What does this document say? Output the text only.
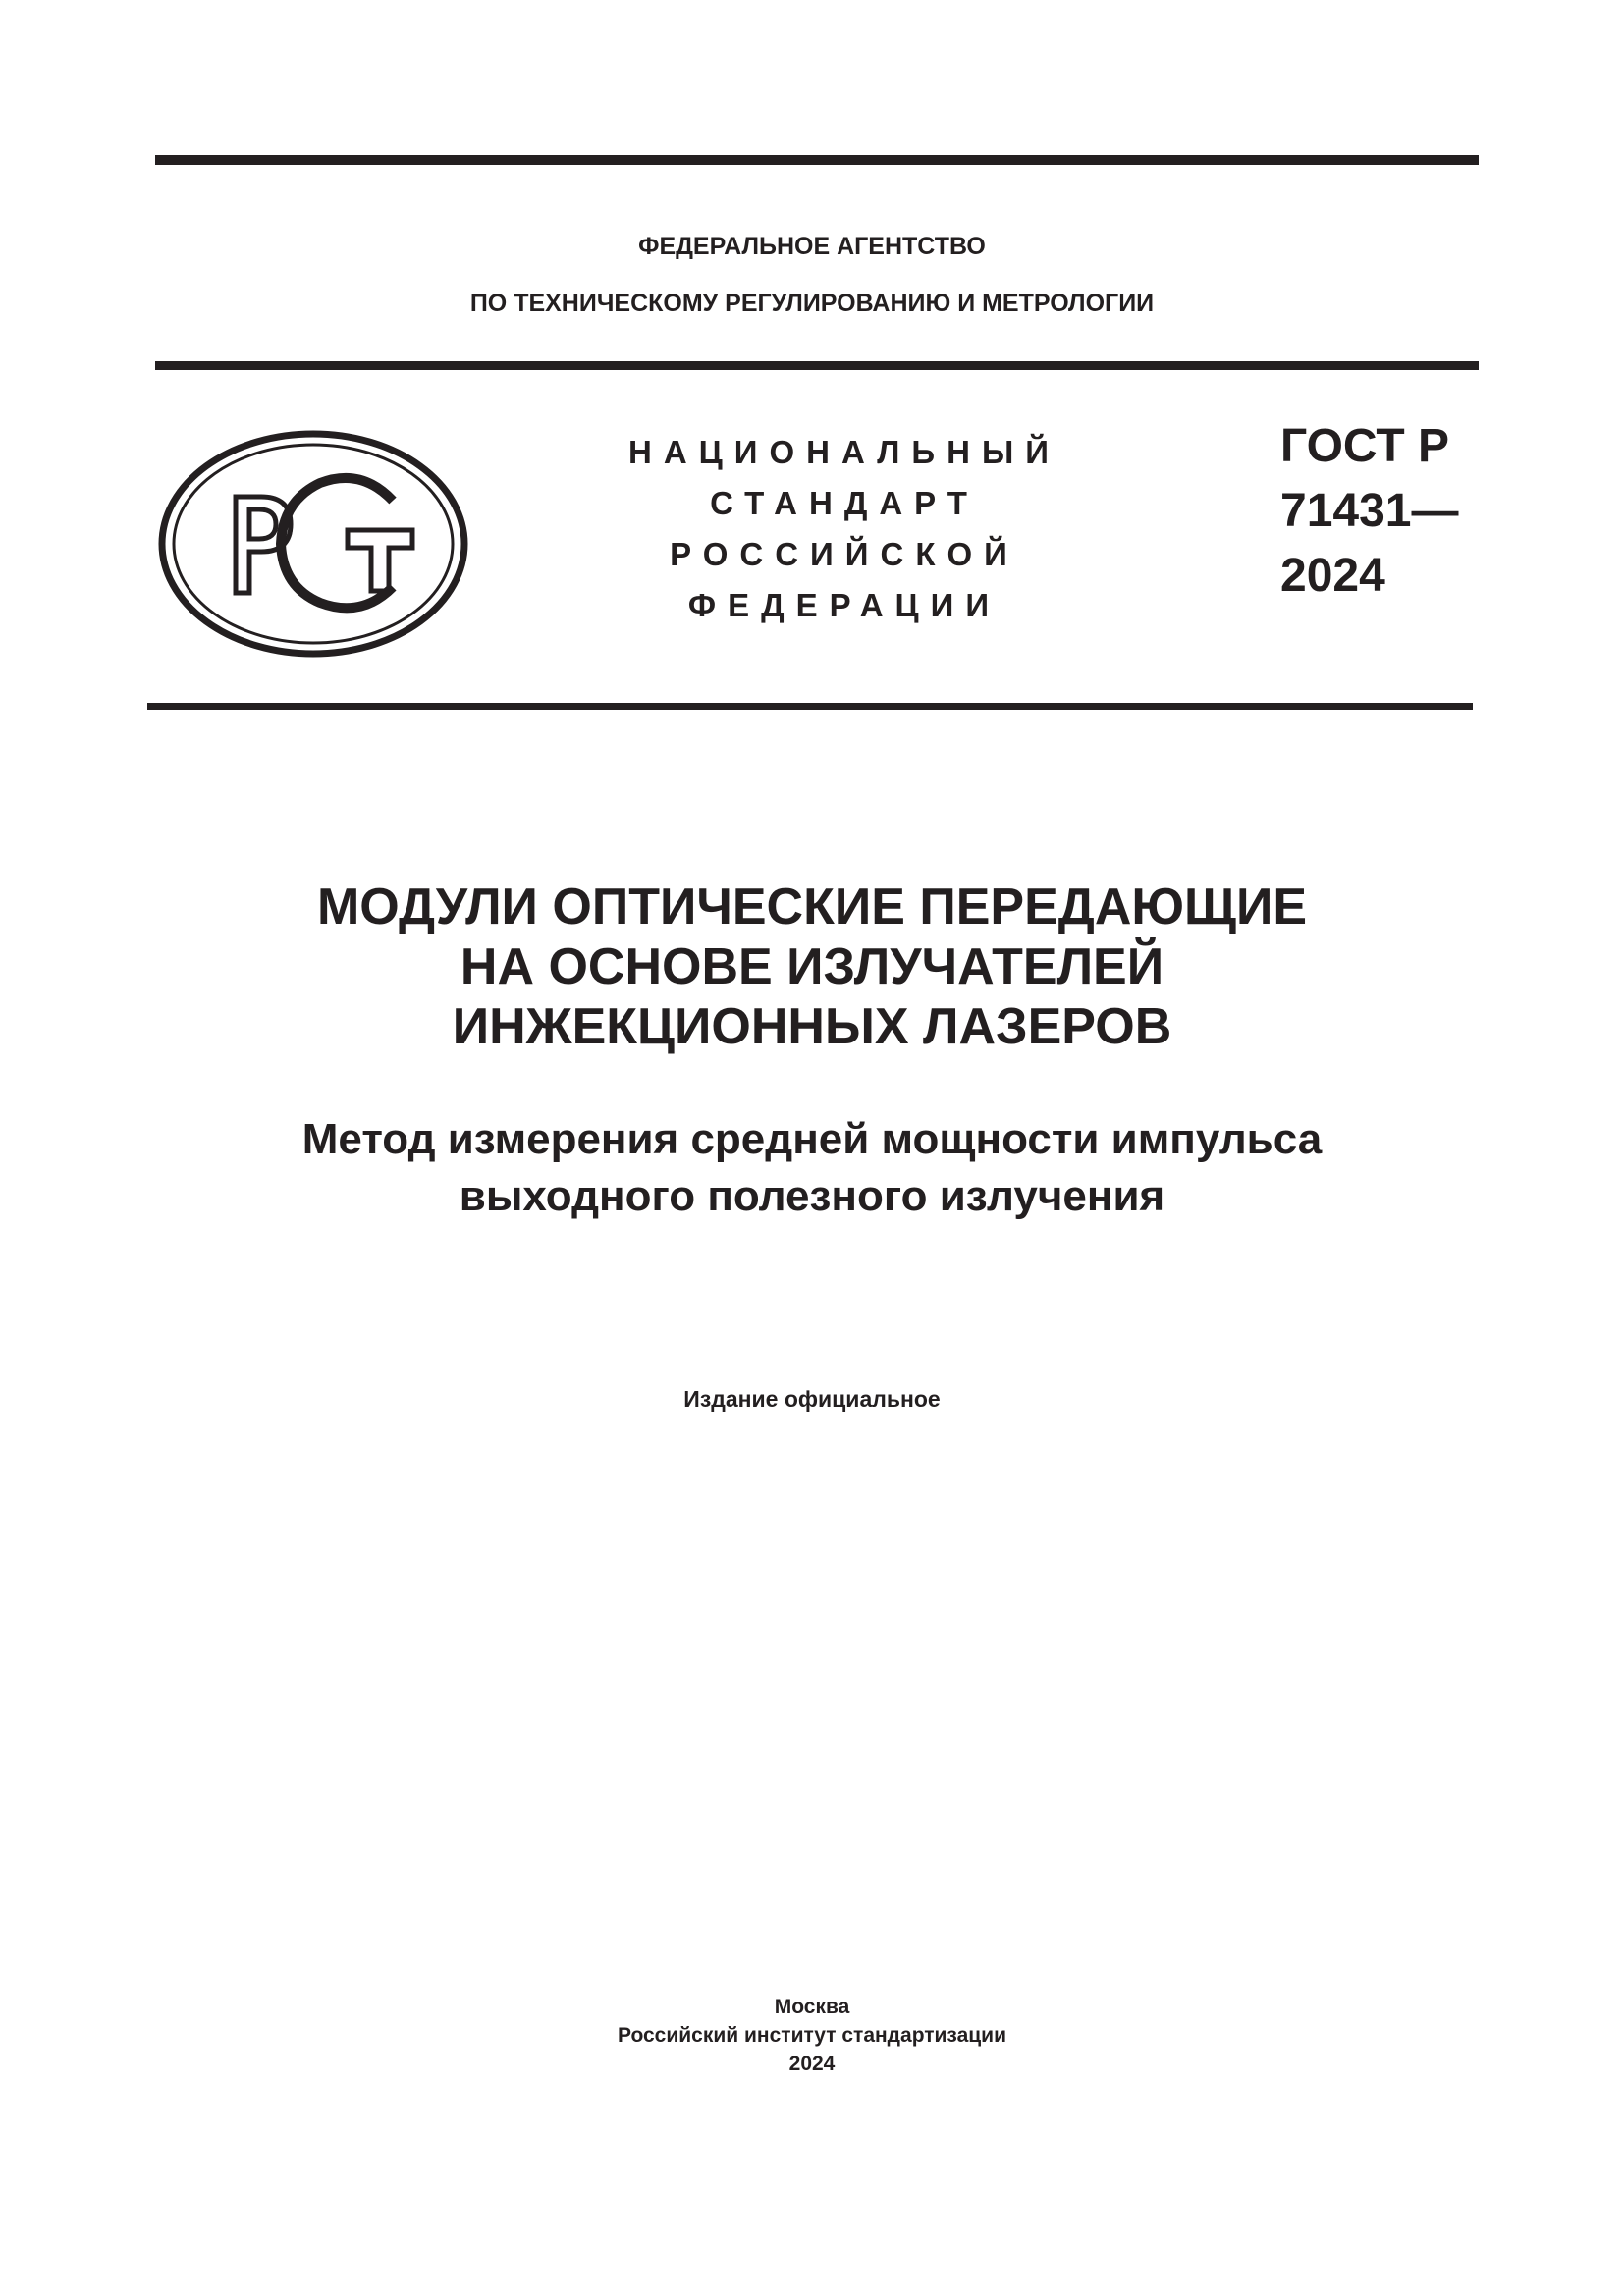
ФЕДЕРАЛЬНОЕ АГЕНТСТВО
ПО ТЕХНИЧЕСКОМУ РЕГУЛИРОВАНИЮ И МЕТРОЛОГИИ
НАЦИОНАЛЬНЫЙ
СТАНДАРТ
РОССИЙСКОЙ
ФЕДЕРАЦИИ
ГОСТ Р
71431—
2024
МОДУЛИ ОПТИЧЕСКИЕ ПЕРЕДАЮЩИЕ
НА ОСНОВЕ ИЗЛУЧАТЕЛЕЙ
ИНЖЕКЦИОННЫХ ЛАЗЕРОВ
Метод измерения средней мощности импульса
выходного полезного излучения
Издание официальное
Москва
Российский институт стандартизации
2024
